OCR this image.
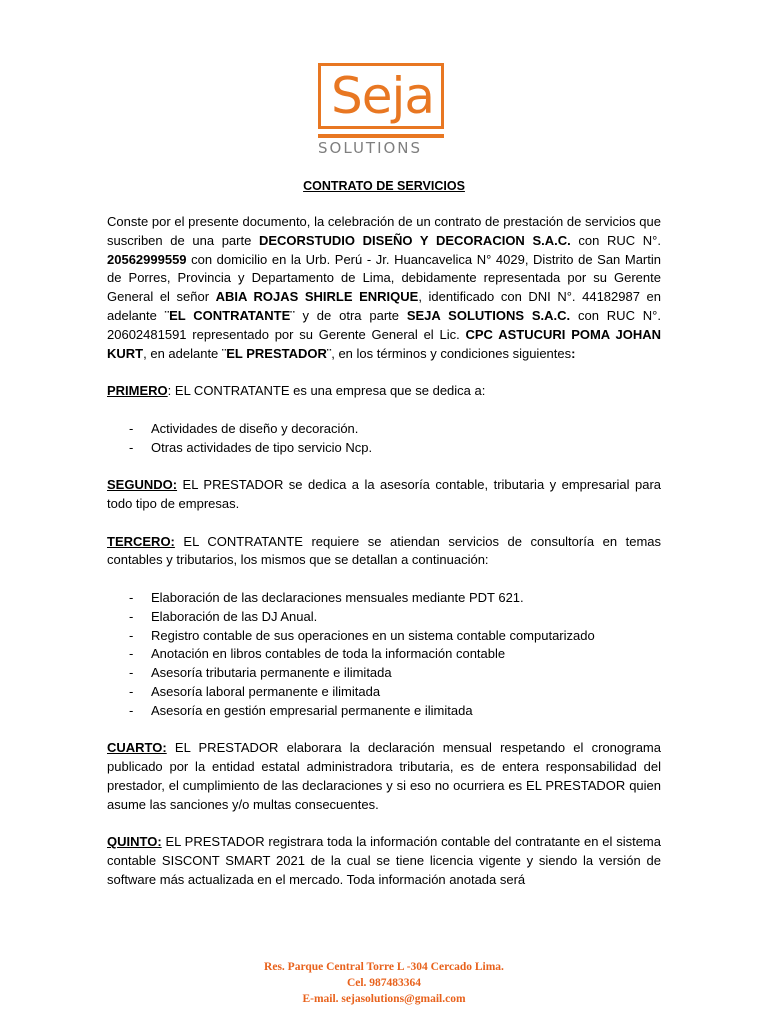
Seja
SOLUTIONS
CONTRATO DE SERVICIOS

Conste por el presente documento, la celebración de un contrato de prestación de servicios que suscriben de una parte DECORSTUDIO DISEÑO Y DECORACION S.A.C. con RUC N°. 20562999559 con domicilio en la Urb. Perú - Jr. Huancavelica N° 4029, Distrito de San Martin de Porres, Provincia y Departamento de Lima, debidamente representada por su Gerente General el señor ABIA ROJAS SHIRLE ENRIQUE, identificado con DNI N°. 44182987 en adelante ¨EL CONTRATANTE¨ y de otra parte SEJA SOLUTIONS S.A.C. con RUC N°. 20602481591 representado por su Gerente General el Lic. CPC ASTUCURI POMA JOHAN KURT, en adelante ¨EL PRESTADOR¨, en los términos y condiciones siguientes:

PRIMERO: EL CONTRATANTE es una empresa que se dedica a:

- Actividades de diseño y decoración.
- Otras actividades de tipo servicio Ncp.

SEGUNDO: EL PRESTADOR se dedica a la asesoría contable, tributaria y empresarial para todo tipo de empresas.

TERCERO: EL CONTRATANTE requiere se atiendan servicios de consultoría en temas contables y tributarios, los mismos que se detallan a continuación:

- Elaboración de las declaraciones mensuales mediante PDT 621.
- Elaboración de las DJ Anual.
- Registro contable de sus operaciones en un sistema contable computarizado
- Anotación en libros contables de toda la información contable
- Asesoría tributaria permanente e ilimitada
- Asesoría laboral permanente e ilimitada
- Asesoría en gestión empresarial permanente e ilimitada

CUARTO: EL PRESTADOR elaborara la declaración mensual respetando el cronograma publicado por la entidad estatal administradora tributaria, es de entera responsabilidad del prestador, el cumplimiento de las declaraciones y si eso no ocurriera es EL PRESTADOR quien asume las sanciones y/o multas consecuentes.

QUINTO: EL PRESTADOR registrara toda la información contable del contratante en el sistema contable SISCONT SMART 2021 de la cual se tiene licencia vigente y siendo la versión de software más actualizada en el mercado. Toda información anotada será

Res. Parque Central Torre L -304 Cercado Lima.
Cel. 987483364
E-mail. sejasolutions@gmail.com
